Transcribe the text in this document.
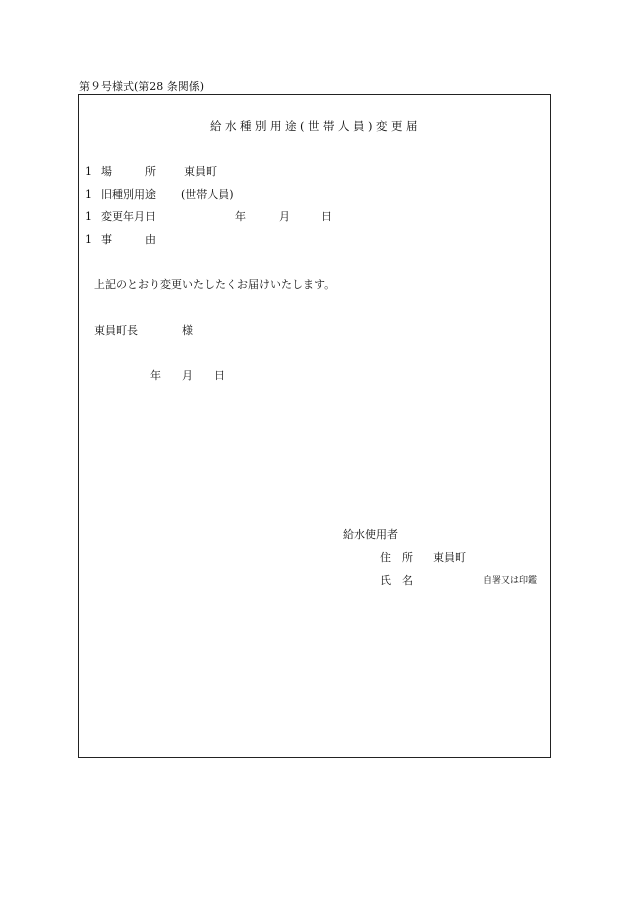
第９号様式(第28 条関係)
給水種別用途(世帯人員)変更届
1 場　　　所	東員町
1 旧種別用途 (世帯人員)
1 変更年月日	年	月	日
1 事　　　由
上記のとおり変更いたしたくお届けいたします。
東員町長	様
年 月 日
給水使用者
住　所 東員町
氏　名	自署又は印鑑
